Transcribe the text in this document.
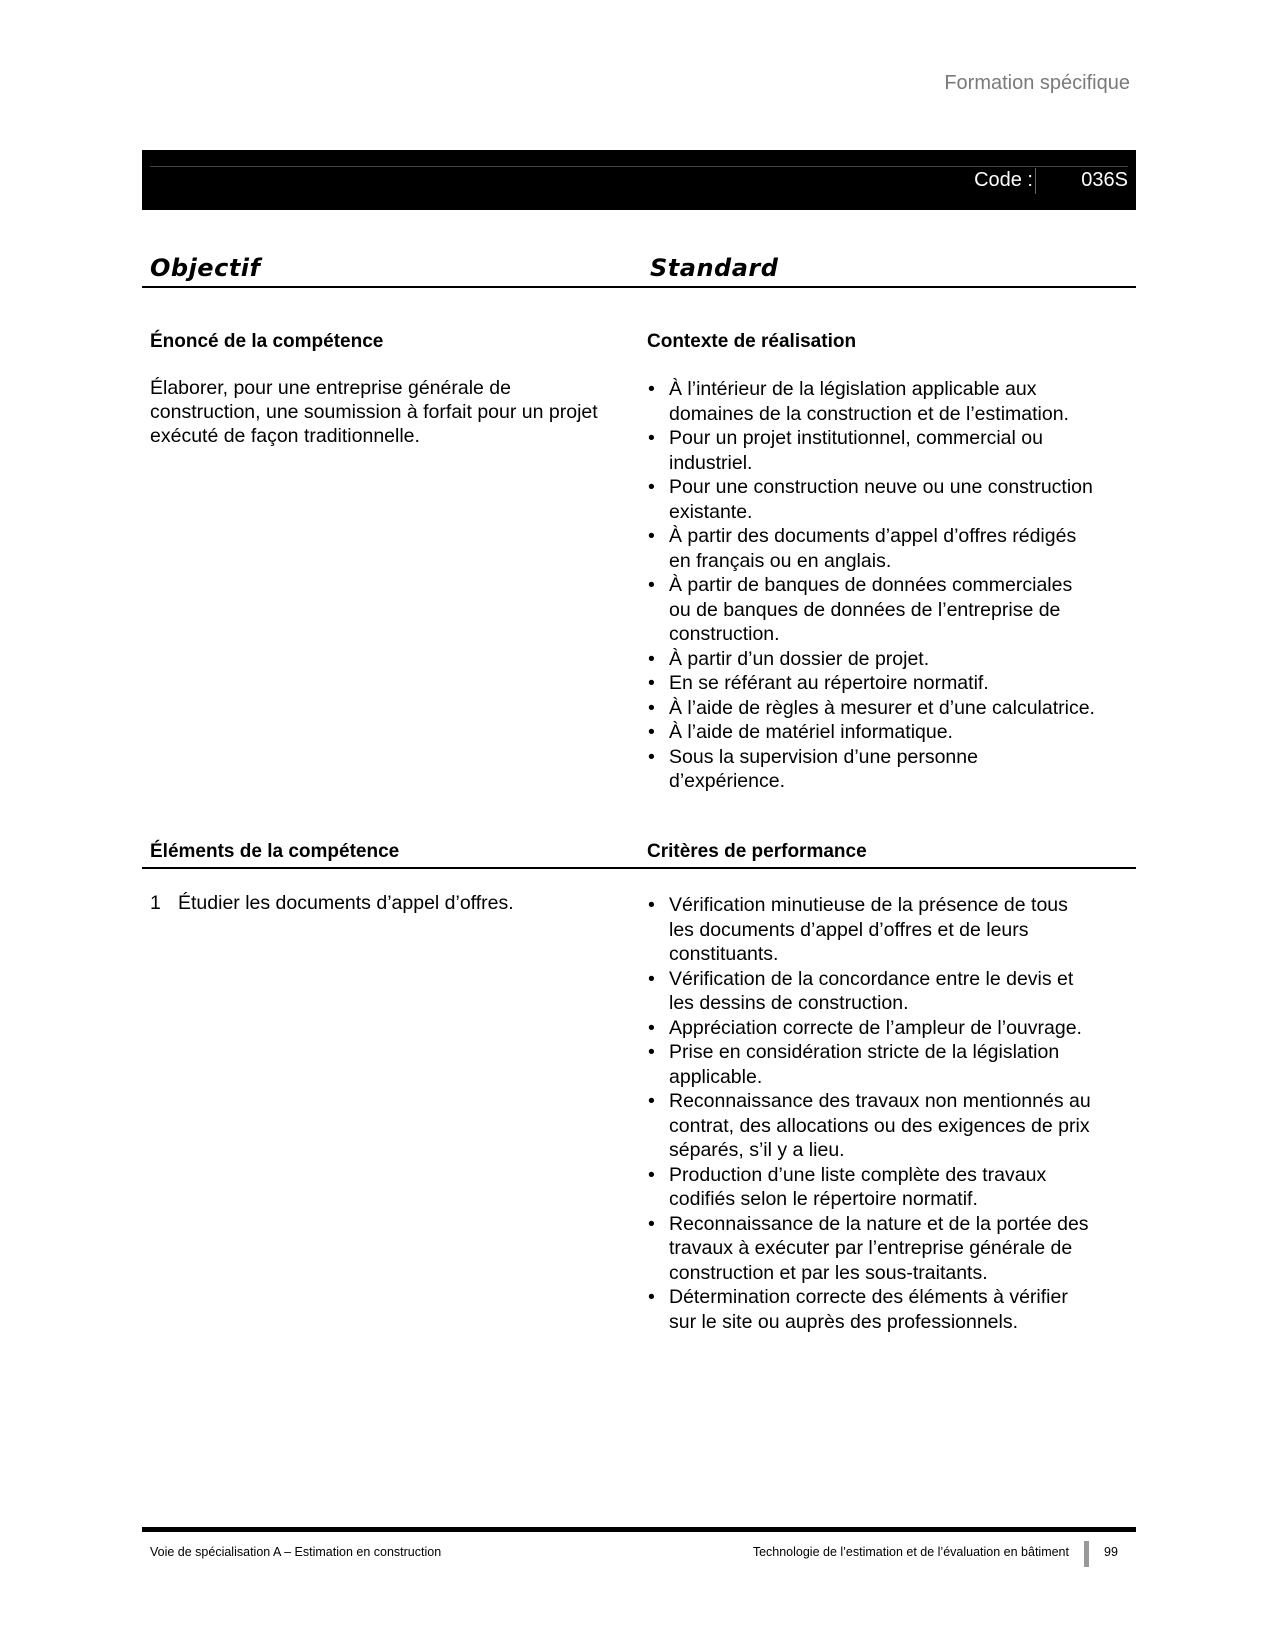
Formation spécifique
Code : 036S
Objectif	Standard
Énoncé de la compétence
Élaborer, pour une entreprise générale de
construction, une soumission à forfait pour un projet
exécuté de façon traditionnelle.
Contexte de réalisation
• À l’intérieur de la législation applicable aux
domaines de la construction et de l’estimation.
• Pour un projet institutionnel, commercial ou
industriel.
• Pour une construction neuve ou une construction
existante.
• À partir des documents d’appel d’offres rédigés
en français ou en anglais.
• À partir de banques de données commerciales
ou de banques de données de l’entreprise de
construction.
• À partir d’un dossier de projet.
• En se référant au répertoire normatif.
• À l’aide de règles à mesurer et d’une calculatrice.
• À l’aide de matériel informatique.
• Sous la supervision d’une personne
d’expérience.
Éléments de la compétence	Critères de performance
1 Étudier les documents d’appel d’offres.
•	Vérification minutieuse de la présence de tous
les documents d’appel d’offres et de leurs
constituants.
• Vérification de la concordance entre le devis et
les dessins de construction.
• Appréciation correcte de l’ampleur de l’ouvrage.
• Prise en considération stricte de la législation
applicable.
• Reconnaissance des travaux non mentionnés au
contrat, des allocations ou des exigences de prix
séparés, s’il y a lieu.
• Production d’une liste complète des travaux
codifiés selon le répertoire normatif.
• Reconnaissance de la nature et de la portée des
travaux à exécuter par l’entreprise générale de
construction et par les sous-traitants.
• Détermination correcte des éléments à vérifier
sur le site ou auprès des professionnels.
Voie de spécialisation A – Estimation en construction	Technologie de l’estimation et de l’évaluation en bâtiment	99
